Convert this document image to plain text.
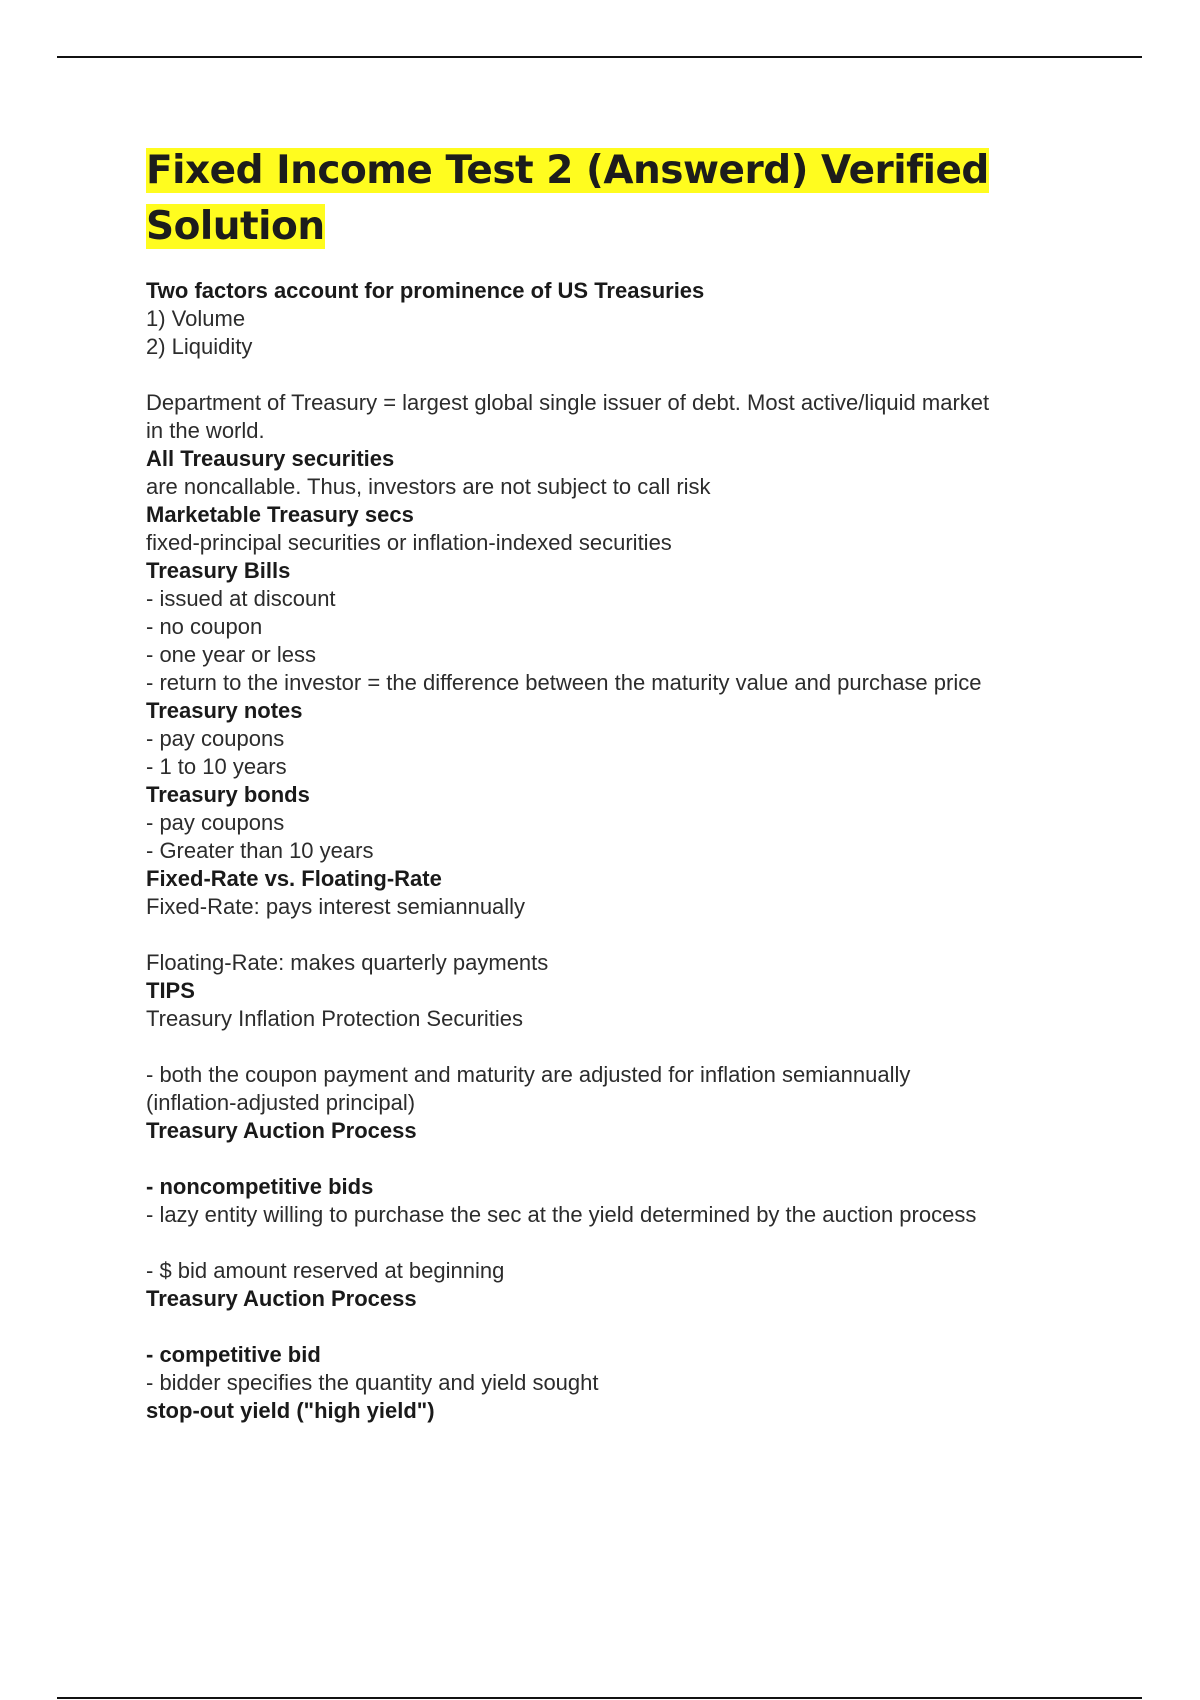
Fixed Income Test 2 (Answerd) Verified
Solution
Two factors account for prominence of US Treasuries
1) Volume
2) Liquidity
Department of Treasury = largest global single issuer of debt. Most active/liquid market
in the world.
All Treausury securities
are noncallable. Thus, investors are not subject to call risk
Marketable Treasury secs
fixed-principal securities or inflation-indexed securities
Treasury Bills
- issued at discount
- no coupon
- one year or less
- return to the investor = the difference between the maturity value and purchase price
Treasury notes
- pay coupons
- 1 to 10 years
Treasury bonds
- pay coupons
- Greater than 10 years
Fixed-Rate vs. Floating-Rate
Fixed-Rate: pays interest semiannually
Floating-Rate: makes quarterly payments
TIPS
Treasury Inflation Protection Securities
- both the coupon payment and maturity are adjusted for inflation semiannually
(inflation-adjusted principal)
Treasury Auction Process
- noncompetitive bids
- lazy entity willing to purchase the sec at the yield determined by the auction process
- $ bid amount reserved at beginning
Treasury Auction Process
- competitive bid
- bidder specifies the quantity and yield sought
stop-out yield ("high yield")
